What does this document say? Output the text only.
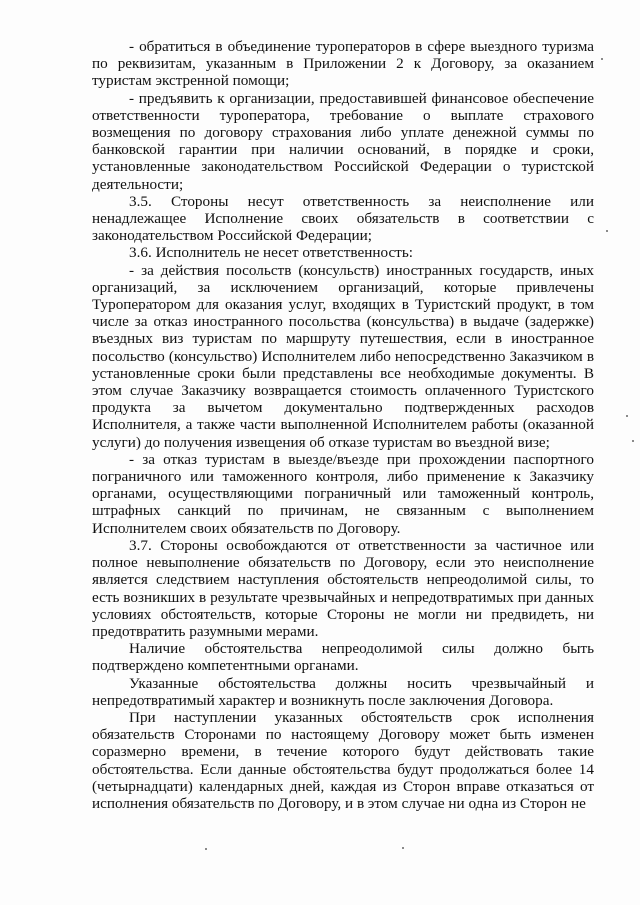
- обратиться в объединение туроператоров в сфере выездного туризма по реквизитам, указанным в Приложении 2 к Договору, за оказанием туристам экстренной помощи;

- предъявить к организации, предоставившей финансовое обеспечение ответственности туроператора, требование о выплате страхового возмещения по договору страхования либо уплате денежной суммы по банковской гарантии при наличии оснований, в порядке и сроки, установленные законодательством Российской Федерации о туристской деятельности;

3.5. Стороны несут ответственность за неисполнение или ненадлежащее Исполнение своих обязательств в соответствии с законодательством Российской Федерации;

3.6. Исполнитель не несет ответственность:

- за действия посольств (консульств) иностранных государств, иных организаций, за исключением организаций, которые привлечены Туроператором для оказания услуг, входящих в Туристский продукт, в том числе за отказ иностранного посольства (консульства) в выдаче (задержке) въездных виз туристам по маршруту путешествия, если в иностранное посольство (консульство) Исполнителем либо непосредственно Заказчиком в установленные сроки были представлены все необходимые документы. В этом случае Заказчику возвращается стоимость оплаченного Туристского продукта за вычетом документально подтвержденных расходов Исполнителя, а также части выполненной Исполнителем работы (оказанной услуги) до получения извещения об отказе туристам во въездной визе;

- за отказ туристам в выезде/въезде при прохождении паспортного пограничного или таможенного контроля, либо применение к Заказчику органами, осуществляющими пограничный или таможенный контроль, штрафных санкций по причинам, не связанным с выполнением Исполнителем своих обязательств по Договору.

3.7. Стороны освобождаются от ответственности за частичное или полное невыполнение обязательств по Договору, если это неисполнение является следствием наступления обстоятельств непреодолимой силы, то есть возникших в результате чрезвычайных и непредотвратимых при данных условиях обстоятельств, которые Стороны не могли ни предвидеть, ни предотвратить разумными мерами.

Наличие обстоятельства непреодолимой силы должно быть подтверждено компетентными органами.

Указанные обстоятельства должны носить чрезвычайный и непредотвратимый характер и возникнуть после заключения Договора.

При наступлении указанных обстоятельств срок исполнения обязательств Сторонами по настоящему Договору может быть изменен соразмерно времени, в течение которого будут действовать такие обстоятельства. Если данные обстоятельства будут продолжаться более 14 (четырнадцати) календарных дней, каждая из Сторон вправе отказаться от исполнения обязательств по Договору, и в этом случае ни одна из Сторон не
